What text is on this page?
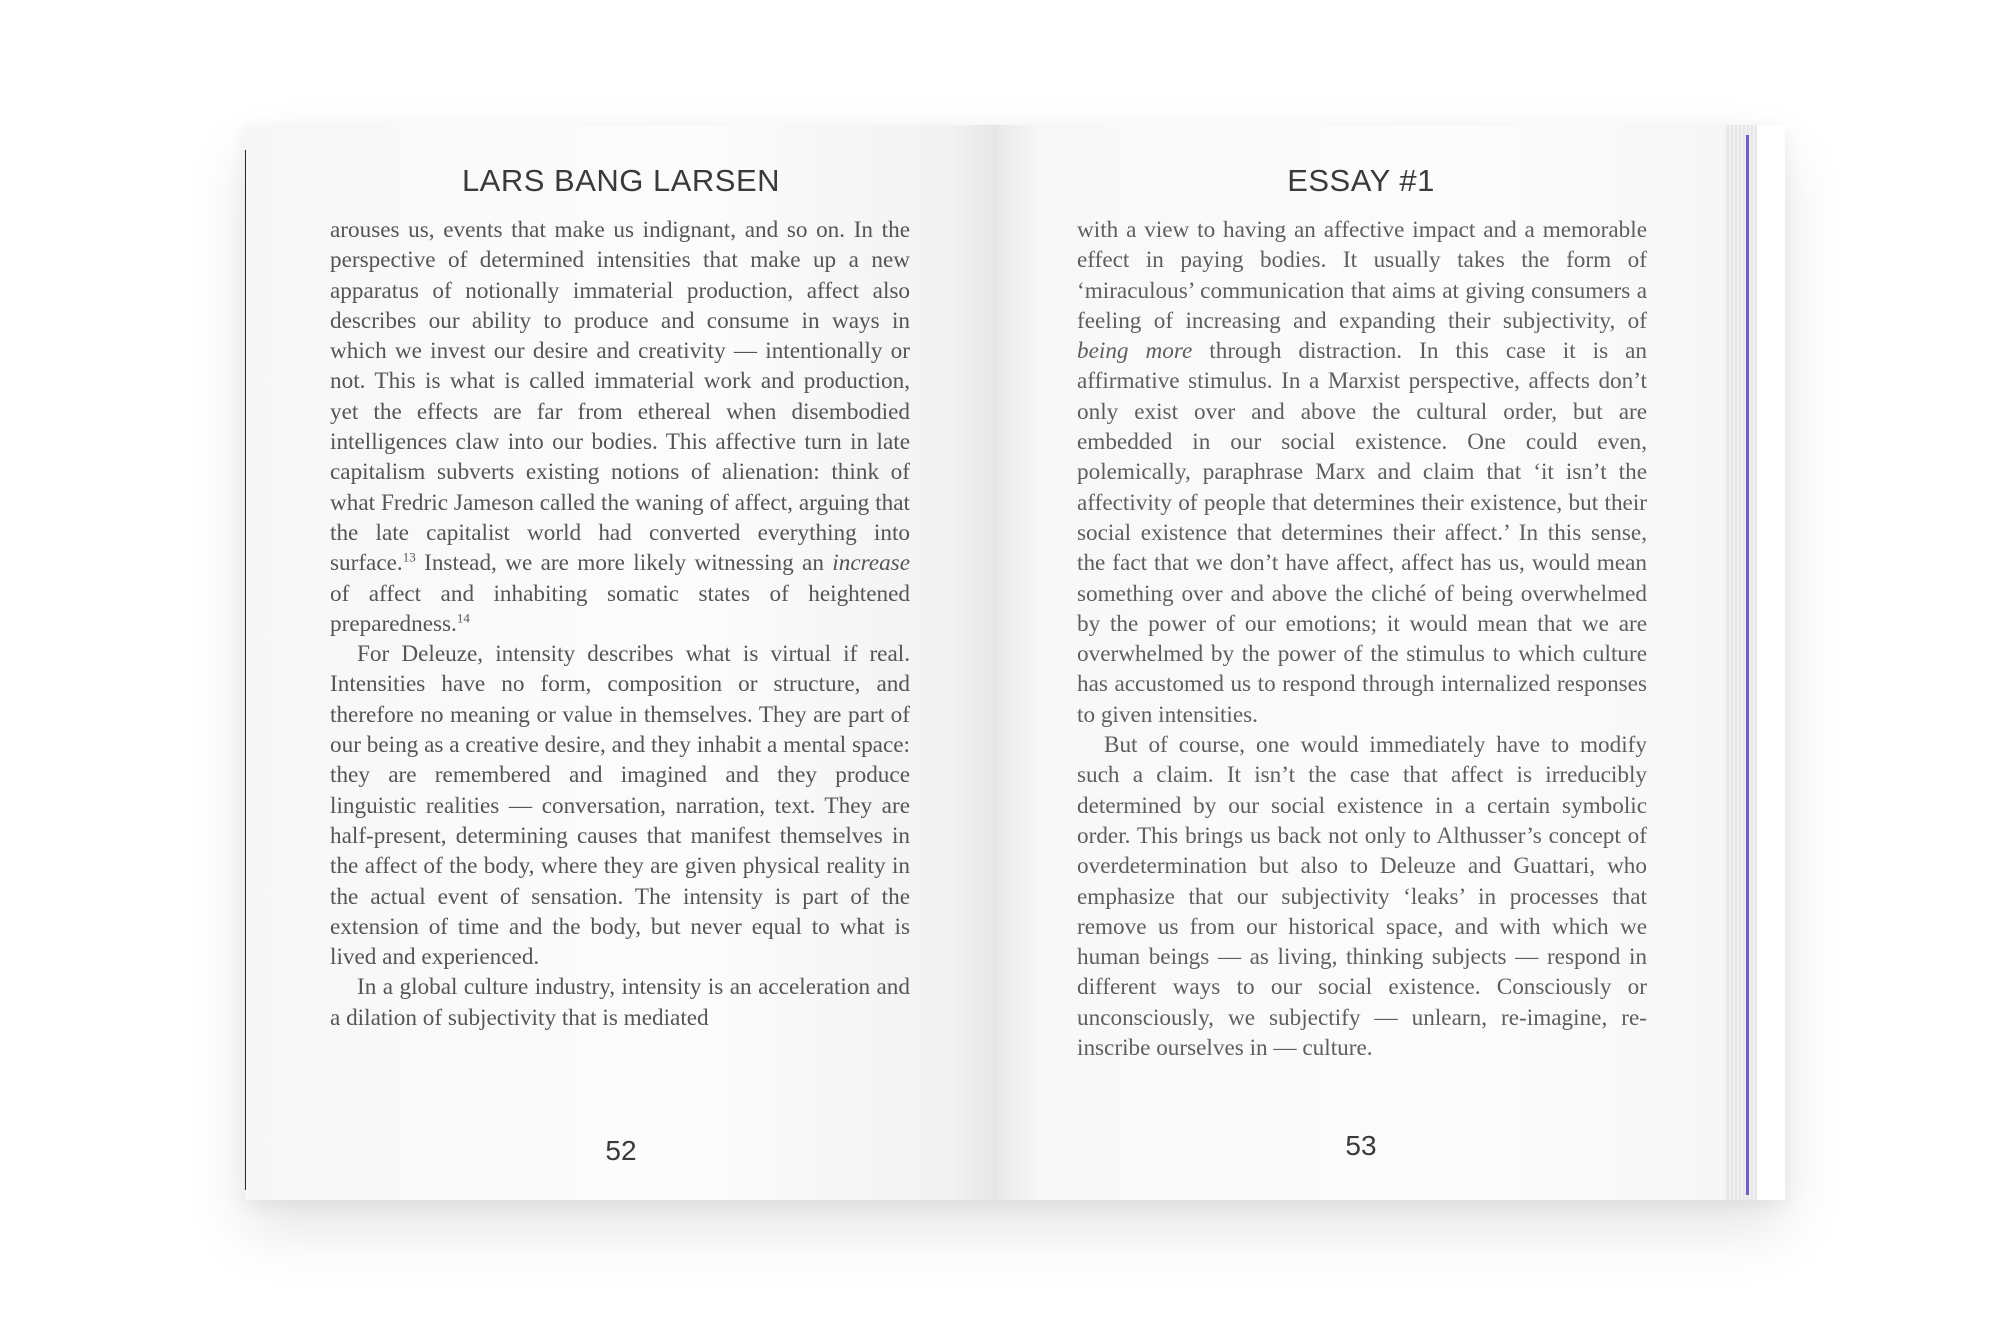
LARS BANG LARSEN

arouses us, events that make us indignant, and so on. In the perspective of determined intensities that make up a new apparatus of notionally immaterial production, affect also describes our ability to produce and consume in ways in which we invest our desire and creativity — intentionally or not. This is what is called immaterial work and production, yet the effects are far from ethereal when disembodied intelligences claw into our bodies. This affective turn in late capitalism subverts existing notions of alienation: think of what Fredric Jameson called the waning of affect, arguing that the late capitalist world had converted everything into surface.$^{13}$ Instead, we are more likely witnessing an increase of affect and inhabiting somatic states of heightened preparedness.$^{14}$

For Deleuze, intensity describes what is virtual if real. Intensities have no form, composition or structure, and therefore no meaning or value in themselves. They are part of our being as a creative desire, and they inhabit a mental space: they are remembered and imagined and they produce linguistic realities — conversation, narration, text. They are half-present, determining causes that manifest themselves in the affect of the body, where they are given physical reality in the actual event of sensation. The intensity is part of the extension of time and the body, but never equal to what is lived and experienced.

In a global culture industry, intensity is an acceleration and a dilation of subjectivity that is mediated

52
ESSAY #1

with a view to having an affective impact and a memorable effect in paying bodies. It usually takes the form of ‘miraculous’ communication that aims at giving consumers a feeling of increasing and expanding their subjectivity, of being more through distraction. In this case it is an affirmative stimulus. In a Marxist perspective, affects don’t only exist over and above the cultural order, but are embedded in our social existence. One could even, polemically, paraphrase Marx and claim that ‘it isn’t the affectivity of people that determines their existence, but their social existence that determines their affect.’ In this sense, the fact that we don’t have affect, affect has us, would mean something over and above the cliché of being overwhelmed by the power of our emotions; it would mean that we are overwhelmed by the power of the stimulus to which culture has accustomed us to respond through internalized responses to given intensities.

But of course, one would immediately have to modify such a claim. It isn’t the case that affect is irreducibly determined by our social existence in a certain symbolic order. This brings us back not only to Althusser’s concept of overdetermination but also to Deleuze and Guattari, who emphasize that our subjectivity ‘leaks’ in processes that remove us from our historical space, and with which we human beings — as living, thinking subjects — respond in different ways to our social existence. Consciously or unconsciously, we subjectify — unlearn, re-imagine, re-inscribe ourselves in — culture.

53
